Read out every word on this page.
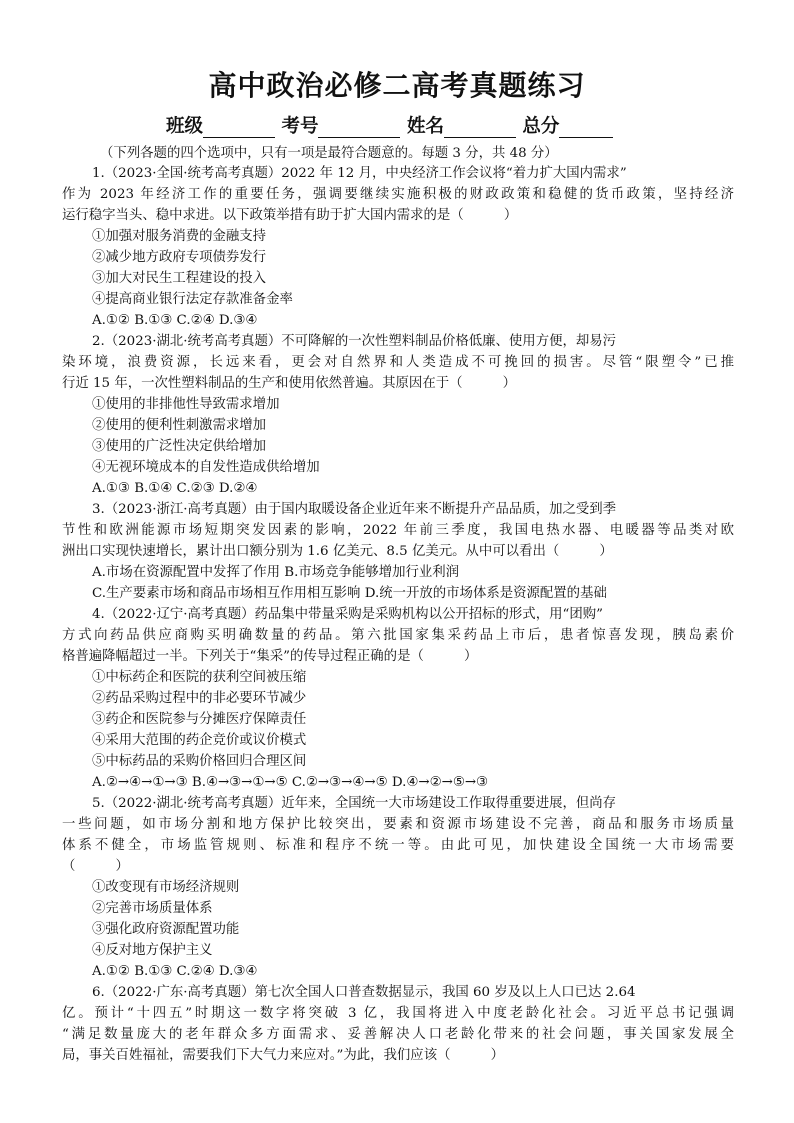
高中政治必修二高考真题练习
班级	考号	姓名	总分
（下列各题的四个选项中，只有一项是最符合题意的。每题 3 分，共 48 分）
1.（2023·全国·统考高考真题）2022 年 12 月，中央经济工作会议将“着力扩大国内需求”
作为 2023 年经济工作的重要任务，强调要继续实施积极的财政政策和稳健的货币政策，坚持经济
运行稳字当头、稳中求进。以下政策举措有助于扩大国内需求的是（　　　）
①加强对服务消费的金融支持
②减少地方政府专项债券发行
③加大对民生工程建设的投入
④提高商业银行法定存款准备金率
A.①② B.①③ C.②④ D.③④
2.（2023·湖北·统考高考真题）不可降解的一次性塑料制品价格低廉、使用方便，却易污
染环境，浪费资源，长远来看，更会对自然界和人类造成不可挽回的损害。尽管“限塑令”已推
行近 15 年，一次性塑料制品的生产和使用依然普遍。其原因在于（　　　）
①使用的非排他性导致需求增加
②使用的便利性刺激需求增加
③使用的广泛性决定供给增加
④无视环境成本的自发性造成供给增加
A.①③ B.①④ C.②③ D.②④
3.（2023·浙江·高考真题）由于国内取暖设备企业近年来不断提升产品品质，加之受到季
节性和欧洲能源市场短期突发因素的影响，2022 年前三季度，我国电热水器、电暖器等品类对欧
洲出口实现快速增长，累计出口额分别为 1.6 亿美元、8.5 亿美元。从中可以看出（　　　）
A.市场在资源配置中发挥了作用 B.市场竞争能够增加行业利润
C.生产要素市场和商品市场相互作用相互影响 D.统一开放的市场体系是资源配置的基础
4.（2022·辽宁·高考真题）药品集中带量采购是采购机构以公开招标的形式，用“团购”
方式向药品供应商购买明确数量的药品。第六批国家集采药品上市后，患者惊喜发现，胰岛素价
格普遍降幅超过一半。下列关于“集采”的传导过程正确的是（　　　）
①中标药企和医院的获利空间被压缩
②药品采购过程中的非必要环节减少
③药企和医院参与分摊医疗保障责任
④采用大范围的药企竞价或议价模式
⑤中标药品的采购价格回归合理区间
A.②→④→①→③ B.④→③→①→⑤ C.②→③→④→⑤ D.④→②→⑤→③
5.（2022·湖北·统考高考真题）近年来，全国统一大市场建设工作取得重要进展，但尚存
一些问题，如市场分割和地方保护比较突出，要素和资源市场建设不完善，商品和服务市场质量
体系不健全，市场监管规则、标准和程序不统一等。由此可见，加快建设全国统一大市场需要
（　　　）
①改变现有市场经济规则
②完善市场质量体系
③强化政府资源配置功能
④反对地方保护主义
A.①② B.①③ C.②④ D.③④
6.（2022·广东·高考真题）第七次全国人口普查数据显示，我国 60 岁及以上人口已达 2.64
亿。预计“十四五”时期这一数字将突破 3 亿，我国将进入中度老龄化社会。习近平总书记强调
“满足数量庞大的老年群众多方面需求、妥善解决人口老龄化带来的社会问题，事关国家发展全
局，事关百姓福祉，需要我们下大气力来应对。”为此，我们应该（　　　）
